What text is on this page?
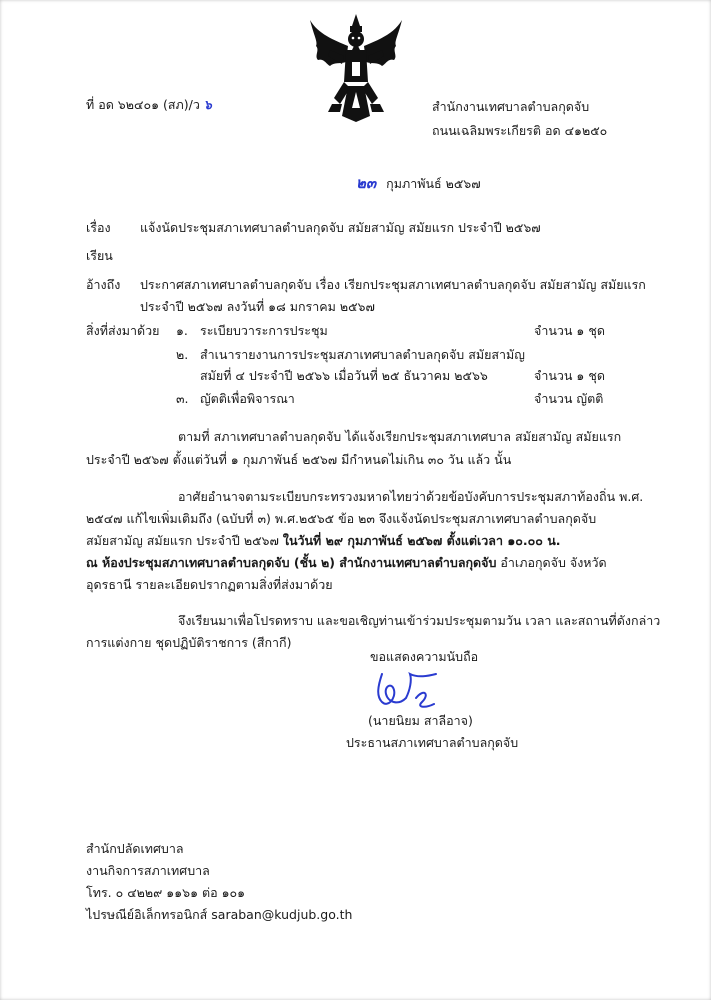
ที่ อด ๖๒๔๐๑ (สภ)/ว ๖	สำนักงานเทศบาลตำบลกุดจับ
ถนนเฉลิมพระเกียรติ อด ๔๑๒๕๐
๒๓ กุมภาพันธ์ ๒๕๖๗
เรื่อง แจ้งนัดประชุมสภาเทศบาลตำบลกุดจับ สมัยสามัญ สมัยแรก ประจำปี ๒๕๖๗
เรียน
อ้างถึง ประกาศสภาเทศบาลตำบลกุดจับ เรื่อง เรียกประชุมสภาเทศบาลตำบลกุดจับ สมัยสามัญ สมัยแรก
ประจำปี ๒๕๖๗ ลงวันที่ ๑๘ มกราคม ๒๕๖๗
สิ่งที่ส่งมาด้วย ๑. ระเบียบวาระการประชุม	จำนวน ๑ ชุด
๒. สำเนารายงานการประชุมสภาเทศบาลตำบลกุดจับ สมัยสามัญ
สมัยที่ ๔ ประจำปี ๒๕๖๖ เมื่อวันที่ ๒๕ ธันวาคม ๒๕๖๖	จำนวน ๑ ชุด
๓. ญัตติเพื่อพิจารณา	จำนวน ญัตติ
ตามที่ สภาเทศบาลตำบลกุดจับ ได้แจ้งเรียกประชุมสภาเทศบาล สมัยสามัญ สมัยแรก
ประจำปี ๒๕๖๗ ตั้งแต่วันที่ ๑ กุมภาพันธ์ ๒๕๖๗ มีกำหนดไม่เกิน ๓๐ วัน แล้ว นั้น
อาศัยอำนาจตามระเบียบกระทรวงมหาดไทยว่าด้วยข้อบังคับการประชุมสภาท้องถิ่น พ.ศ.
๒๕๔๗ แก้ไขเพิ่มเติมถึง (ฉบับที่ ๓) พ.ศ.๒๕๖๕ ข้อ ๒๓ จึงแจ้งนัดประชุมสภาเทศบาลตำบลกุดจับ
สมัยสามัญ สมัยแรก ประจำปี ๒๕๖๗ ในวันที่ ๒๙ กุมภาพันธ์ ๒๕๖๗ ตั้งแต่เวลา ๑๐.๐๐ น.
ณ ห้องประชุมสภาเทศบาลตำบลกุดจับ (ชั้น ๒) สำนักงานเทศบาลตำบลกุดจับ อำเภอกุดจับ จังหวัด
อุดรธานี รายละเอียดปรากฏตามสิ่งที่ส่งมาด้วย
จึงเรียนมาเพื่อโปรดทราบ และขอเชิญท่านเข้าร่วมประชุมตามวัน เวลา และสถานที่ดังกล่าว
การแต่งกาย ชุดปฏิบัติราชการ (สีกากี)
ขอแสดงความนับถือ
(นายนิยม สาลีอาจ)
ประธานสภาเทศบาลตำบลกุดจับ
สำนักปลัดเทศบาล
งานกิจการสภาเทศบาล
โทร. ๐ ๔๒๒๙ ๑๑๖๑ ต่อ ๑๐๑
ไปรษณีย์อิเล็กทรอนิกส์ saraban@kudjub.go.th
